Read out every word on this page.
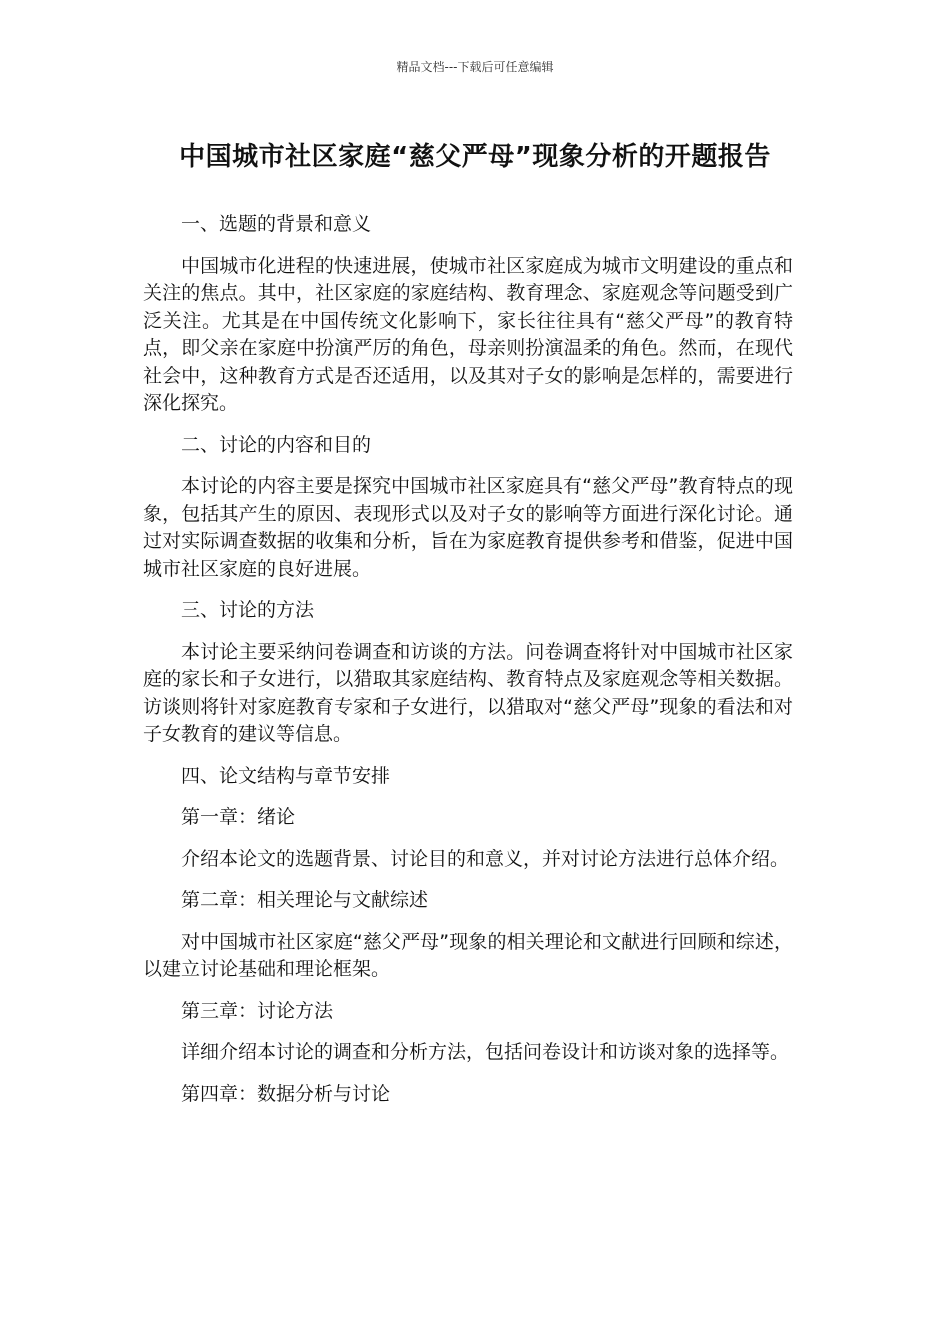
精品文档---下载后可任意编辑
中国城市社区家庭“慈父严母”现象分析的开题报告

一、选题的背景和意义

中国城市化进程的快速进展，使城市社区家庭成为城市文明建设的重点和关注的焦点。其中，社区家庭的家庭结构、教育理念、家庭观念等问题受到广泛关注。尤其是在中国传统文化影响下，家长往往具有“慈父严母”的教育特点，即父亲在家庭中扮演严厉的角色，母亲则扮演温柔的角色。然而，在现代社会中，这种教育方式是否还适用，以及其对子女的影响是怎样的，需要进行深化探究。

二、讨论的内容和目的

本讨论的内容主要是探究中国城市社区家庭具有“慈父严母”教育特点的现象，包括其产生的原因、表现形式以及对子女的影响等方面进行深化讨论。通过对实际调查数据的收集和分析，旨在为家庭教育提供参考和借鉴，促进中国城市社区家庭的良好进展。

三、讨论的方法

本讨论主要采纳问卷调查和访谈的方法。问卷调查将针对中国城市社区家庭的家长和子女进行，以猎取其家庭结构、教育特点及家庭观念等相关数据。访谈则将针对家庭教育专家和子女进行，以猎取对“慈父严母”现象的看法和对子女教育的建议等信息。

四、论文结构与章节安排

第一章：绪论

介绍本论文的选题背景、讨论目的和意义，并对讨论方法进行总体介绍。

第二章：相关理论与文献综述

对中国城市社区家庭“慈父严母”现象的相关理论和文献进行回顾和综述，以建立讨论基础和理论框架。

第三章：讨论方法

详细介绍本讨论的调查和分析方法，包括问卷设计和访谈对象的选择等。

第四章：数据分析与讨论
